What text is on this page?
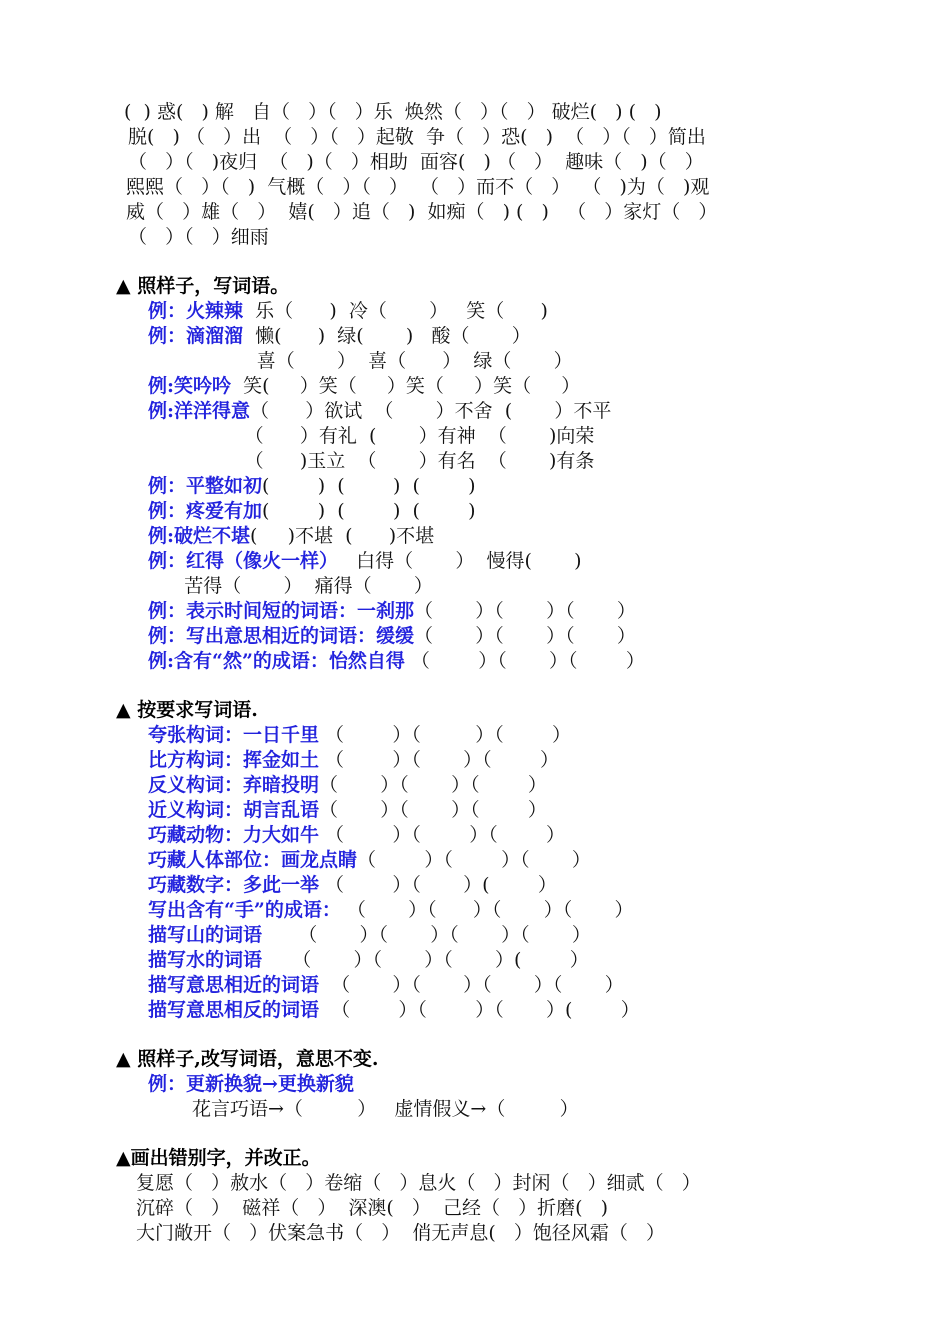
(  ) 惑(   ) 解   自（   ）（   ）乐  焕然（   ）（   ） 破烂(   ) (   )
脱(   ) （   ）出  （   ）（   ）起敬  争（   ）恐(   )  （   ）（   ）简出
（   ）（   )夜归  （   )（   ）相助  面容(   ) （   ）  趣味（   )（   ）
熙熙（   ）（   )  气概（   ）（   ）  （   ）而不（   ）  （   )为（   )观
威（   ）雄（   ）  嬉(   ）追（   )  如痴（   ) (   )   （   ）家灯（   ）
（   ）（   ）细雨
▲ 照样子，写词语。
例：火辣辣  乐（      )  冷（       ）   笑（      )
例：滴溜溜  懒(      )  绿(       )   酸（       ）
喜（       ）  喜（      ）  绿（       ）
例:笑吟吟  笑(     ）笑（     ）笑（     ）笑（     ）
例:洋洋得意（      ）欲试  （       ）不舍  (       ）不平
（      ）有礼  (       ）有神  （       )向荣
（      )玉立  （       ）有名  （       )有条
例：平整如初(        )  (        )  (        )
例：疼爱有加(        )  (        )  (        )
例:破烂不堪(     )不堪  (      )不堪
例：红得（像火一样）   白得（       ）  慢得(       )
苦得（       ）  痛得（       ）
例：表示时间短的词语：一刹那（       ）（       ）（       ）
例：写出意思相近的词语：缓缓（       ）（       ）（       ）
例:含有“然”的成语：怡然自得 （        ）（       ）（        ）
▲ 按要求写词语.
夸张构词：一日千里 （        ）（         ）（        ）
比方构词：挥金如土 （        ）（       ）（        ）
反义构词：弃暗投明（       ）（       ）（        ）
近义构词：胡言乱语（       ）（       ）（        ）
巧藏动物：力大如牛 （        ）（        ）（        ）
巧藏人体部位：画龙点睛（        ）（        ）（       ）
巧藏数字：多此一举 （        ）（       ）(        ）
写出含有“手”的成语： （       ）（      ）（       ）（       ）
描写山的词语      （       ）（       ）（       ）（       ）
描写水的词语     （       ）（       ）（       ）(        ）
描写意思相近的词语  （       ）（       ）（       ）（       ）
描写意思相反的词语  （        ）（        ）（       ）(        ）
▲ 照样子,改写词语，意思不变.
例：更新换貌→更换新貌
花言巧语→（         ）   虚情假义→（         ）
▲画出错别字，并改正。
复愿（   ）赦水（   ）卷缩（   ）息火（   ）封闲（   ）细贰（   ）
沉碎（   ）  磁祥（   ）  深澳(   ）  己经（   ）折磨(   )
大门敞开（   ）伏案急书（   ）  俏无声息(   ）饱径风霜（   ）
